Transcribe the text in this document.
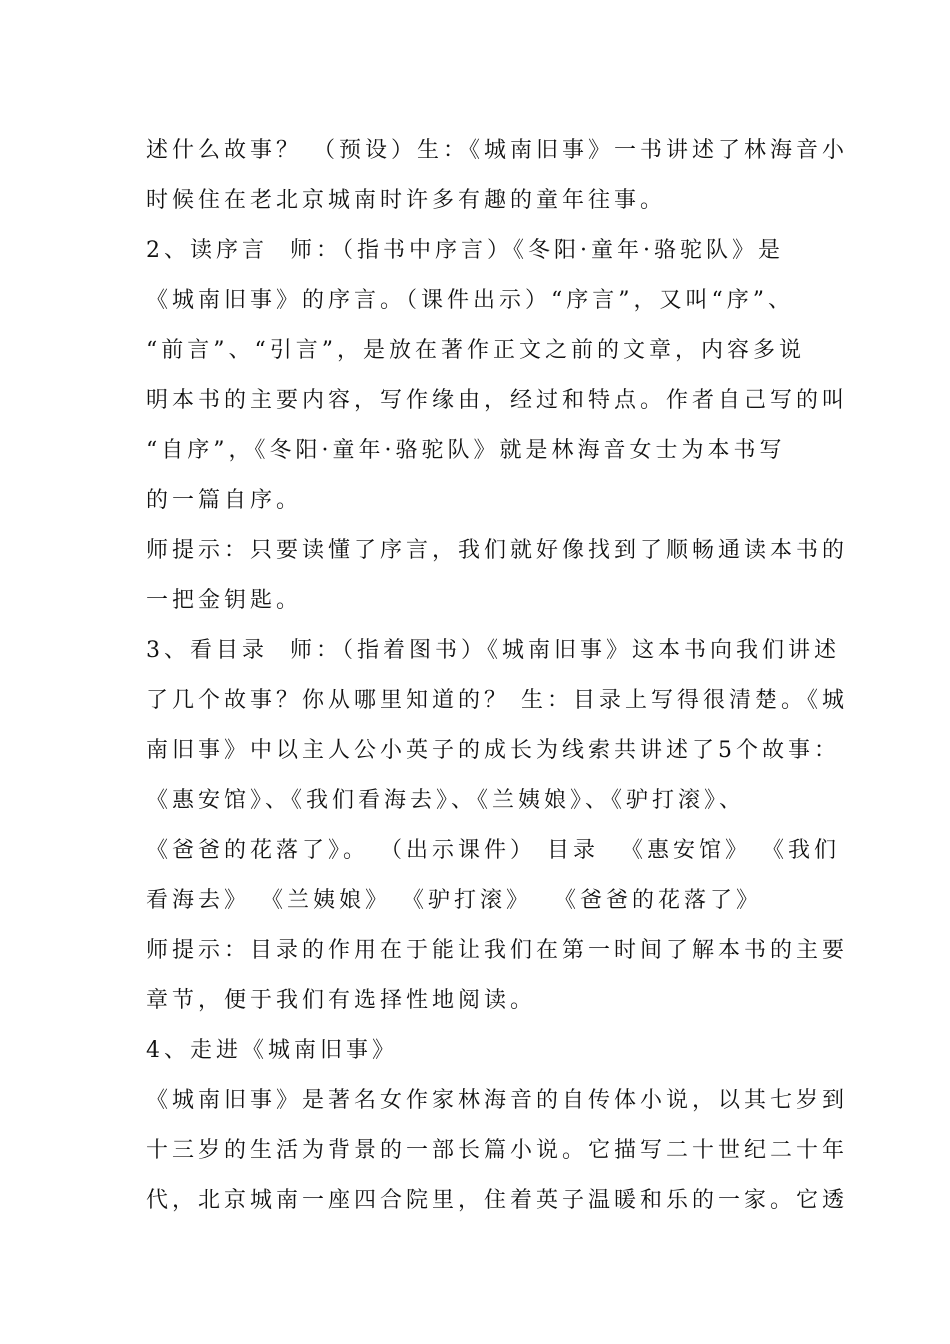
述什么故事？ （预设）生：《城南旧事》一书讲述了林海音小
时候住在老北京城南时许多有趣的童年往事。
2、读序言  师：（指书中序言）《冬阳·童年·骆驼队》是
《城南旧事》的序言。（课件出示）“序言”，又叫“序”、
“前言”、“引言”，是放在著作正文之前的文章，内容多说
明本书的主要内容，写作缘由，经过和特点。作者自己写的叫
“自序”，《冬阳·童年·骆驼队》就是林海音女士为本书写
的一篇自序。
师提示：只要读懂了序言，我们就好像找到了顺畅通读本书的
一把金钥匙。
3、看目录  师：（指着图书）《城南旧事》这本书向我们讲述
了几个故事？你从哪里知道的？ 生：目录上写得很清楚。《城
南旧事》中以主人公小英子的成长为线索共讲述了5个故事：
《惠安馆》、《我们看海去》、《兰姨娘》、《驴打滚》、
《爸爸的花落了》。 （出示课件） 目录  《惠安馆》 《我们
看海去》 《兰姨娘》 《驴打滚》  《爸爸的花落了》
师提示：目录的作用在于能让我们在第一时间了解本书的主要
章节，便于我们有选择性地阅读。
4、走进《城南旧事》
《城南旧事》是著名女作家林海音的自传体小说，以其七岁到
十三岁的生活为背景的一部长篇小说。它描写二十世纪二十年
代，北京城南一座四合院里，住着英子温暖和乐的一家。它透
